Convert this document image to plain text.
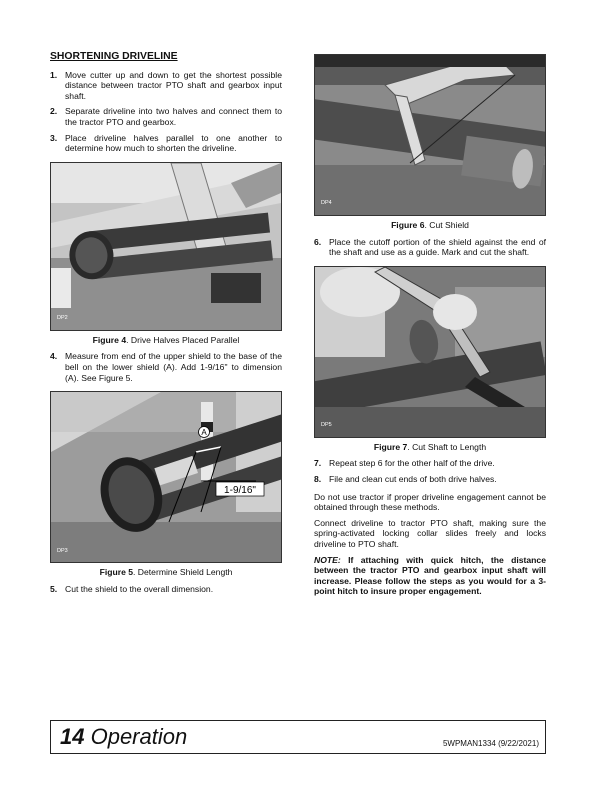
SHORTENING DRIVELINE
1. Move cutter up and down to get the shortest possible distance between tractor PTO shaft and gearbox input shaft.
2. Separate driveline into two halves and connect them to the tractor PTO and gearbox.
3. Place driveline halves parallel to one another to determine how much to shorten the driveline.
DP2
Figure 4. Drive Halves Placed Parallel
4. Measure from end of the upper shield to the base of the bell on the lower shield (A). Add 1-9/16" to dimension (A). See Figure 5.
A
1-9/16"
DP3
Figure 5. Determine Shield Length
5. Cut the shield to the overall dimension.
DP4
Figure 6. Cut Shield
6. Place the cutoff portion of the shield against the end of the shaft and use as a guide. Mark and cut the shaft.
DP5
Figure 7. Cut Shaft to Length
7. Repeat step 6 for the other half of the drive.
8. File and clean cut ends of both drive halves.
Do not use tractor if proper driveline engagement cannot be obtained through these methods.
Connect driveline to tractor PTO shaft, making sure the spring-activated locking collar slides freely and locks driveline to PTO shaft.
NOTE: If attaching with quick hitch, the distance between the tractor PTO and gearbox input shaft will increase. Please follow the steps as you would for a 3-point hitch to insure proper engagement.
14 Operation	5WPMAN1334 (9/22/2021)
